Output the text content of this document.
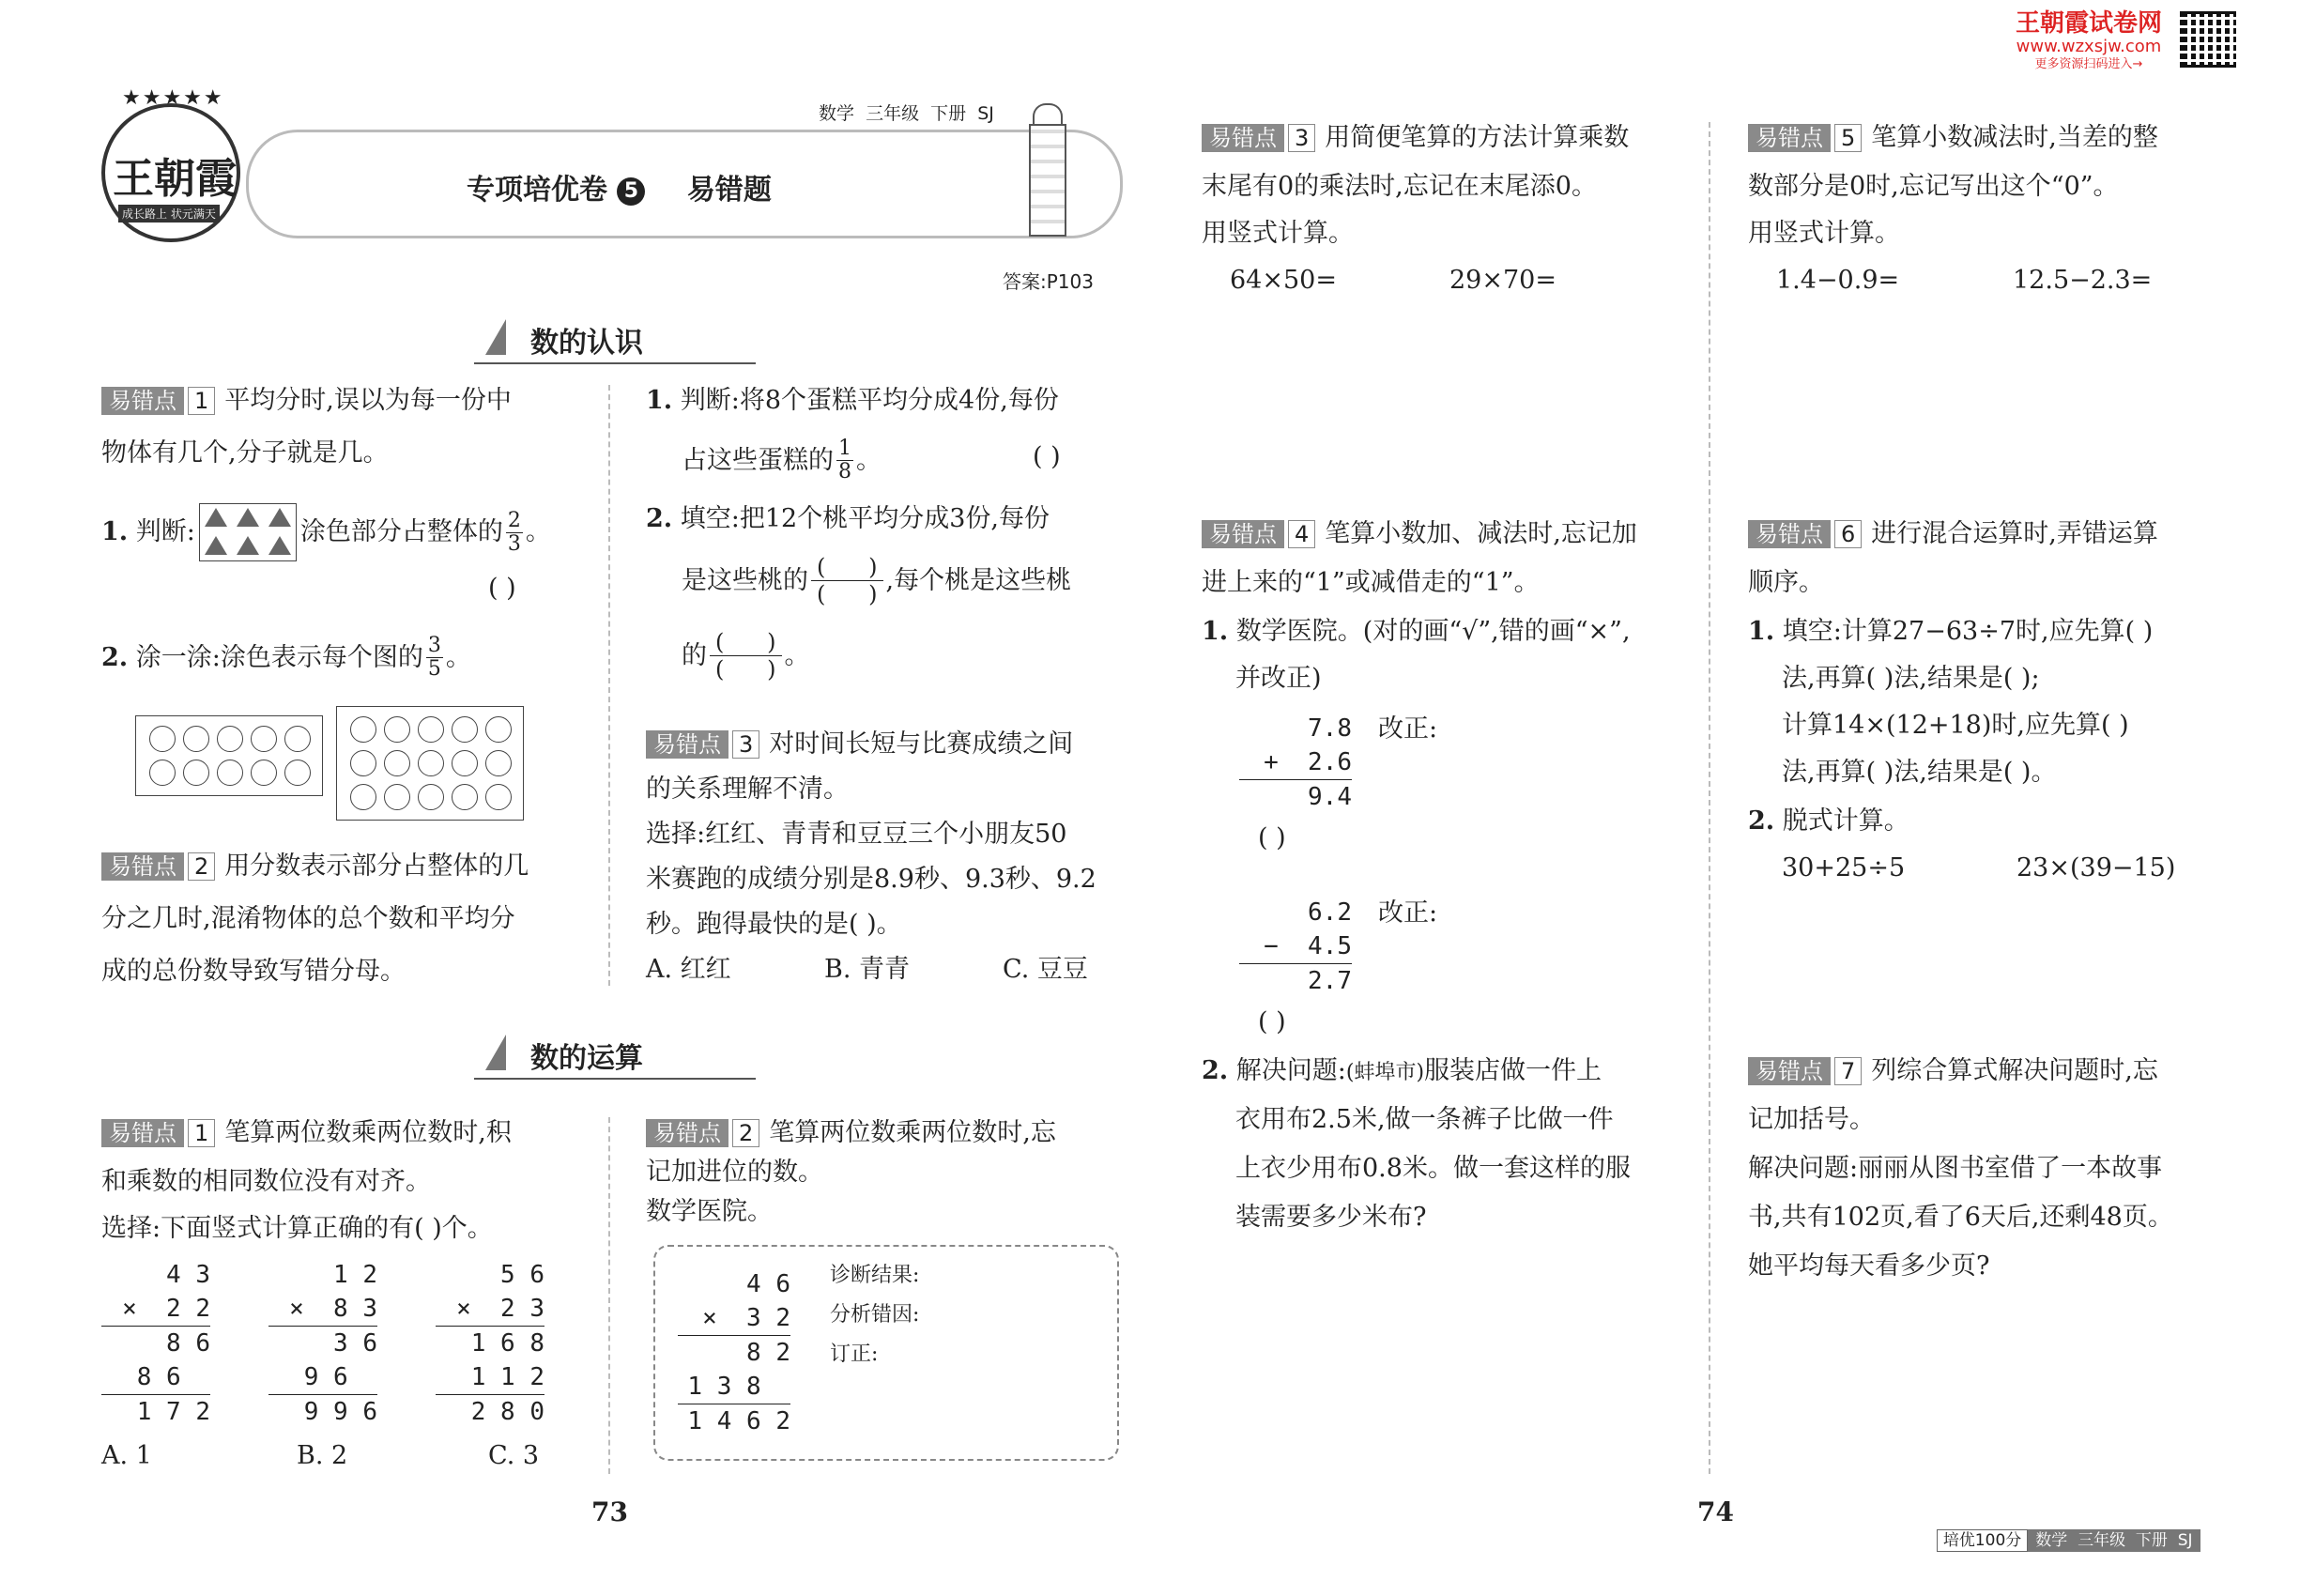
王朝霞试卷网
www.wzxsjw.com
更多资源扫码进入→
★★★★★
王朝霞
成长路上 状元满天
数学  三年级  下册  SJ
专项培优卷 5 易错题
答案:P103
数的认识
数的运算
易错点 1 平均分时,误以为每一份中
物体有几个,分子就是几。
1.
判断:	涂色部分占整体的 $\frac{2}{3}$ 。
( )
2.
涂一涂:涂色表示每个图的 $\frac{3}{5}$ 。
易错点 2 用分数表示部分占整体的几
分之几时,混淆物体的总个数和平均分
成的总份数导致写错分母。
1. 判断:将8个蛋糕平均分成4份,每份
占这些蛋糕的 $\frac{1}{8}$ 。	( )
2. 填空:把12个桃平均分成3份,每份
是这些桃的 (      )
(      ) ,每个桃是这些桃
的 (      )
(      ) 。
易错点 3 对时间长短与比赛成绩之间
的关系理解不清。
选择:红红、青青和豆豆三个小朋友50
米赛跑的成绩分别是8.9秒、9.3秒、9.2
秒。跑得最快的是( )。
A. 红红	B. 青青	C. 豆豆
易错点 1 笔算两位数乘两位数时,积
和乘数的相同数位没有对齐。
选择:下面竖式计算正确的有( )个。
4 3
×  2 2
8 6
8 6
1 7 2
1 2
×  8 3
3 6
9 6
9 9 6
5 6
×  2 3
1 6 8
1 1 2
2 8 0
A. 1	B. 2	C. 3
易错点 2 笔算两位数乘两位数时,忘
记加进位的数。
数学医院。
4 6
×  3 2
8 2
1 3 8
1 4 6 2
诊断结果:
分析错因:
订正:
73
易错点 3 用简便笔算的方法计算乘数
末尾有0的乘法时,忘记在末尾添0。
用竖式计算。
64×50=	29×70=
易错点 4 笔算小数加、减法时,忘记加
进上来的“1”或减借走的“1”。
1. 数学医院。(对的画“√”,错的画“×”,
并改正)
7.8
+  2.6
9.4
改正:
( )
6.2
−  4.5
2.7
改正:
( )
2. 解决问题:(蚌埠市)服装店做一件上
衣用布2.5米,做一条裤子比做一件
上衣少用布0.8米。做一套这样的服
装需要多少米布?
易错点 5 笔算小数减法时,当差的整
数部分是0时,忘记写出这个“0”。
用竖式计算。
1.4−0.9=	12.5−2.3=
易错点 6 进行混合运算时,弄错运算
顺序。
1. 填空:计算27−63÷7时,应先算( )
法,再算( )法,结果是( );
计算14×(12+18)时,应先算( )
法,再算( )法,结果是( )。
2. 脱式计算。
30+25÷5	23×(39−15)
易错点 7 列综合算式解决问题时,忘
记加括号。
解决问题:丽丽从图书室借了一本故事
书,共有102页,看了6天后,还剩48页。
她平均每天看多少页?
74

培优100分 数学  三年级  下册  SJ
